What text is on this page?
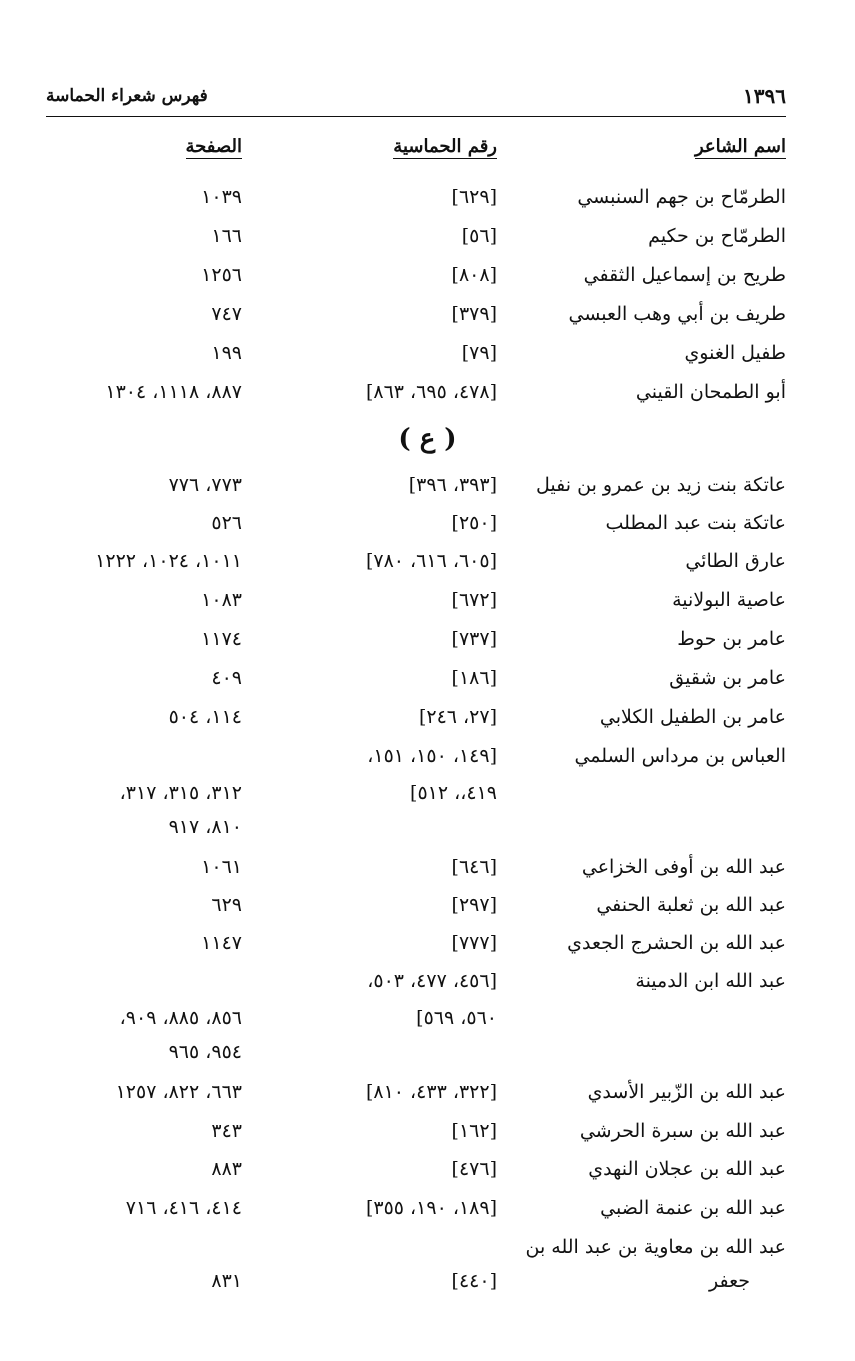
١٣٩٦
فهرس شعراء الحماسة
اسم الشاعر
رقم الحماسية
الصفحة
الطرمّاح بن جهم السنبسي
[٦٢٩]
١٠٣٩
الطرمّاح بن حكيم
[٥٦]
١٦٦
طريح بن إسماعيل الثقفي
[٨٠٨]
١٢٥٦
طريف بن أبي وهب العبسي
[٣٧٩]
٧٤٧
طفيل الغنوي
[٧٩]
١٩٩
أبو الطمحان القيني
[٤٧٨، ٦٩٥، ٨٦٣]
٨٨٧، ١١١٨، ١٣٠٤
( ع )
عاتكة بنت زيد بن عمرو بن نفيل
[٣٩٣، ٣٩٦]
٧٧٣، ٧٧٦
عاتكة بنت عبد المطلب
[٢٥٠]
٥٢٦
عارق الطائي
[٦٠٥، ٦١٦، ٧٨٠]
١٠١١، ١٠٢٤، ١٢٢٢
عاصية البولانية
[٦٧٢]
١٠٨٣
عامر بن حوط
[٧٣٧]
١١٧٤
عامر بن شقيق
[١٨٦]
٤٠٩
عامر بن الطفيل الكلابي
[٢٧، ٢٤٦]
١١٤، ٥٠٤
العباس بن مرداس السلمي
[١٤٩، ١٥٠، ١٥١،
٤١٩،، ٥١٢]
٣١٢، ٣١٥، ٣١٧،
٨١٠، ٩١٧
عبد الله بن أوفى الخزاعي
[٦٤٦]
١٠٦١
عبد الله بن ثعلبة الحنفي
[٢٩٧]
٦٢٩
عبد الله بن الحشرج الجعدي
[٧٧٧]
١١٤٧
عبد الله ابن الدمينة
[٤٥٦، ٤٧٧، ٥٠٣،
٥٦٠، ٥٦٩]
٨٥٦، ٨٨٥، ٩٠٩،
٩٥٤، ٩٦٥
عبد الله بن الزّبير الأسدي
[٣٢٢، ٤٣٣، ٨١٠]
٦٦٣، ٨٢٢، ١٢٥٧
عبد الله بن سبرة الحرشي
[١٦٢]
٣٤٣
عبد الله بن عجلان النهدي
[٤٧٦]
٨٨٣
عبد الله بن عنمة الضبي
[١٨٩، ١٩٠، ٣٥٥]
٤١٤، ٤١٦، ٧١٦
عبد الله بن معاوية بن عبد الله بن
جعفر
[٤٤٠]
٨٣١
